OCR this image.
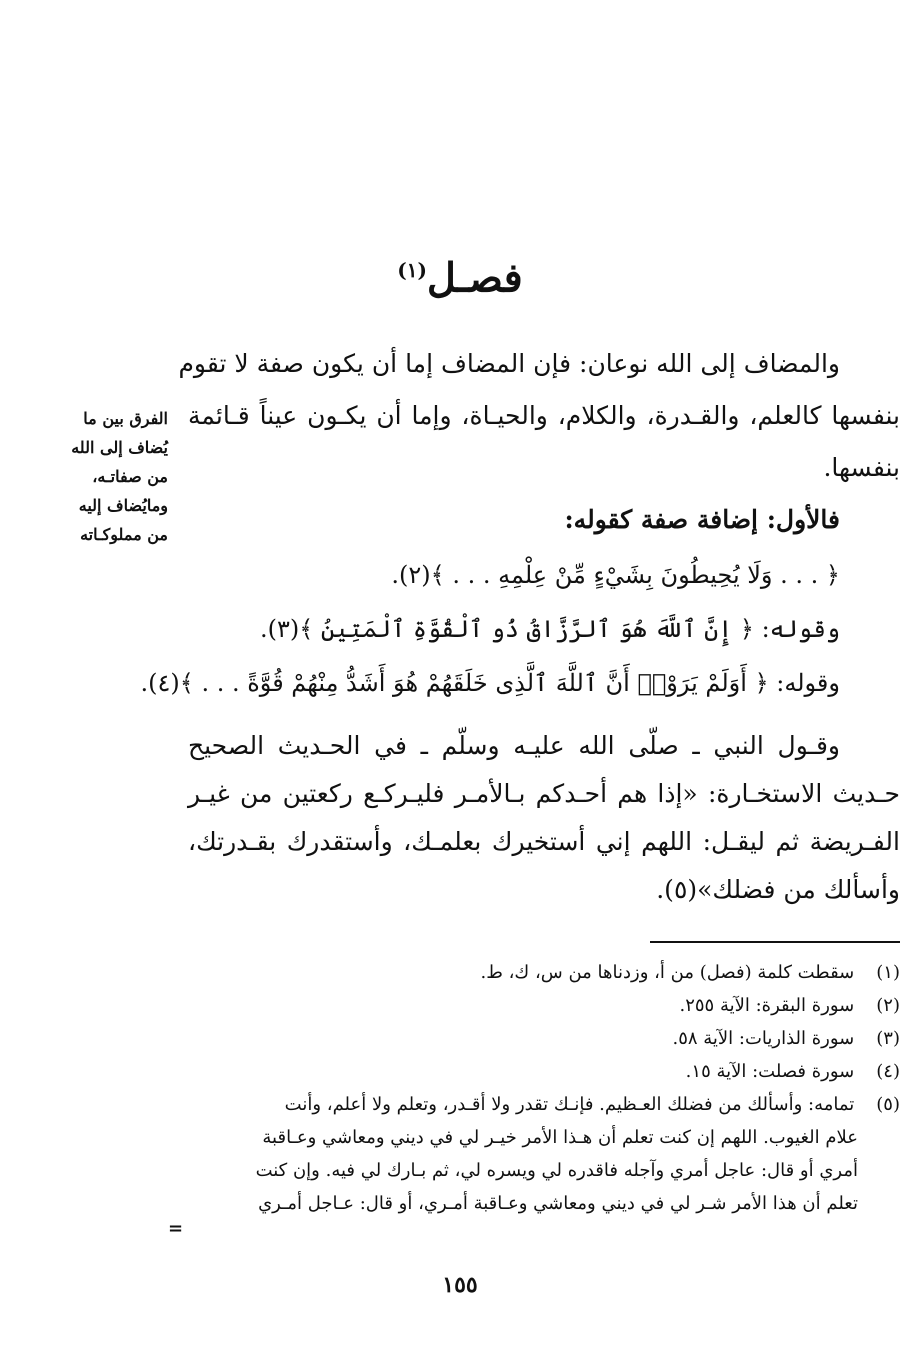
فصـل$^{(١)}$
الفرق بين ما
يُضاف إلى الله
من صفاتـه،
ومايُضاف إليه
من مملوكـاته
والمضاف إلى الله نوعان: فإن المضاف إما أن يكون صفة لا تقوم
بنفسها كالعلم، والقـدرة، والكلام، والحيـاة، وإما أن يكـون عيناً قـائمة
بنفسها.
فالأول: إضافة صفة كقوله:
﴿ . . . وَلَا يُحِيطُونَ بِشَيْءٍ مِّنْ عِلْمِهِ . . . ﴾(٢).
وقوله: ﴿ إِنَّ ٱللَّهَ هُوَ ٱلرَّزَّاقُ ذُو ٱلْقُوَّةِ ٱلْمَتِينُ ﴾(٣).
وقوله: ﴿ أَوَلَمْ يَرَوْا۟ أَنَّ ٱللَّهَ ٱلَّذِى خَلَقَهُمْ هُوَ أَشَدُّ مِنْهُمْ قُوَّةً . . . ﴾(٤).
وقـول النبي ـ صلّى الله عليـه وسلّم ـ في الحـديث الصحيح
حـديث الاستخـارة: «إذا هم أحـدكم بـالأمـر فليـركـع ركعتين من غيـر
الفـريضة ثم ليقـل: اللهم إني أستخيرك بعلمـك، وأستقدرك بقـدرتك،
وأسألك من فضلك»(٥).
(١) سقطت كلمة (فصل) من أ، وزدناها من س، ك، ط.
(٢) سورة البقرة: الآية ٢٥٥.
(٣) سورة الذاريات: الآية ٥٨.
(٤) سورة فصلت: الآية ١٥.
(٥) تمامه: وأسألك من فضلك العـظيم. فإنـك تقدر ولا أقـدر، وتعلم ولا أعلم، وأنت
علام الغيوب. اللهم إن كنت تعلم أن هـذا الأمر خيـر لي في ديني ومعاشي وعـاقبة
أمري أو قال: عاجل أمري وآجله فاقدره لي ويسره لي، ثم بـارك لي فيه. وإن كنت
تعلم أن هذا الأمر شـر لي في ديني ومعاشي وعـاقبة أمـري، أو قال: عـاجل أمـري
=
١٥٥
